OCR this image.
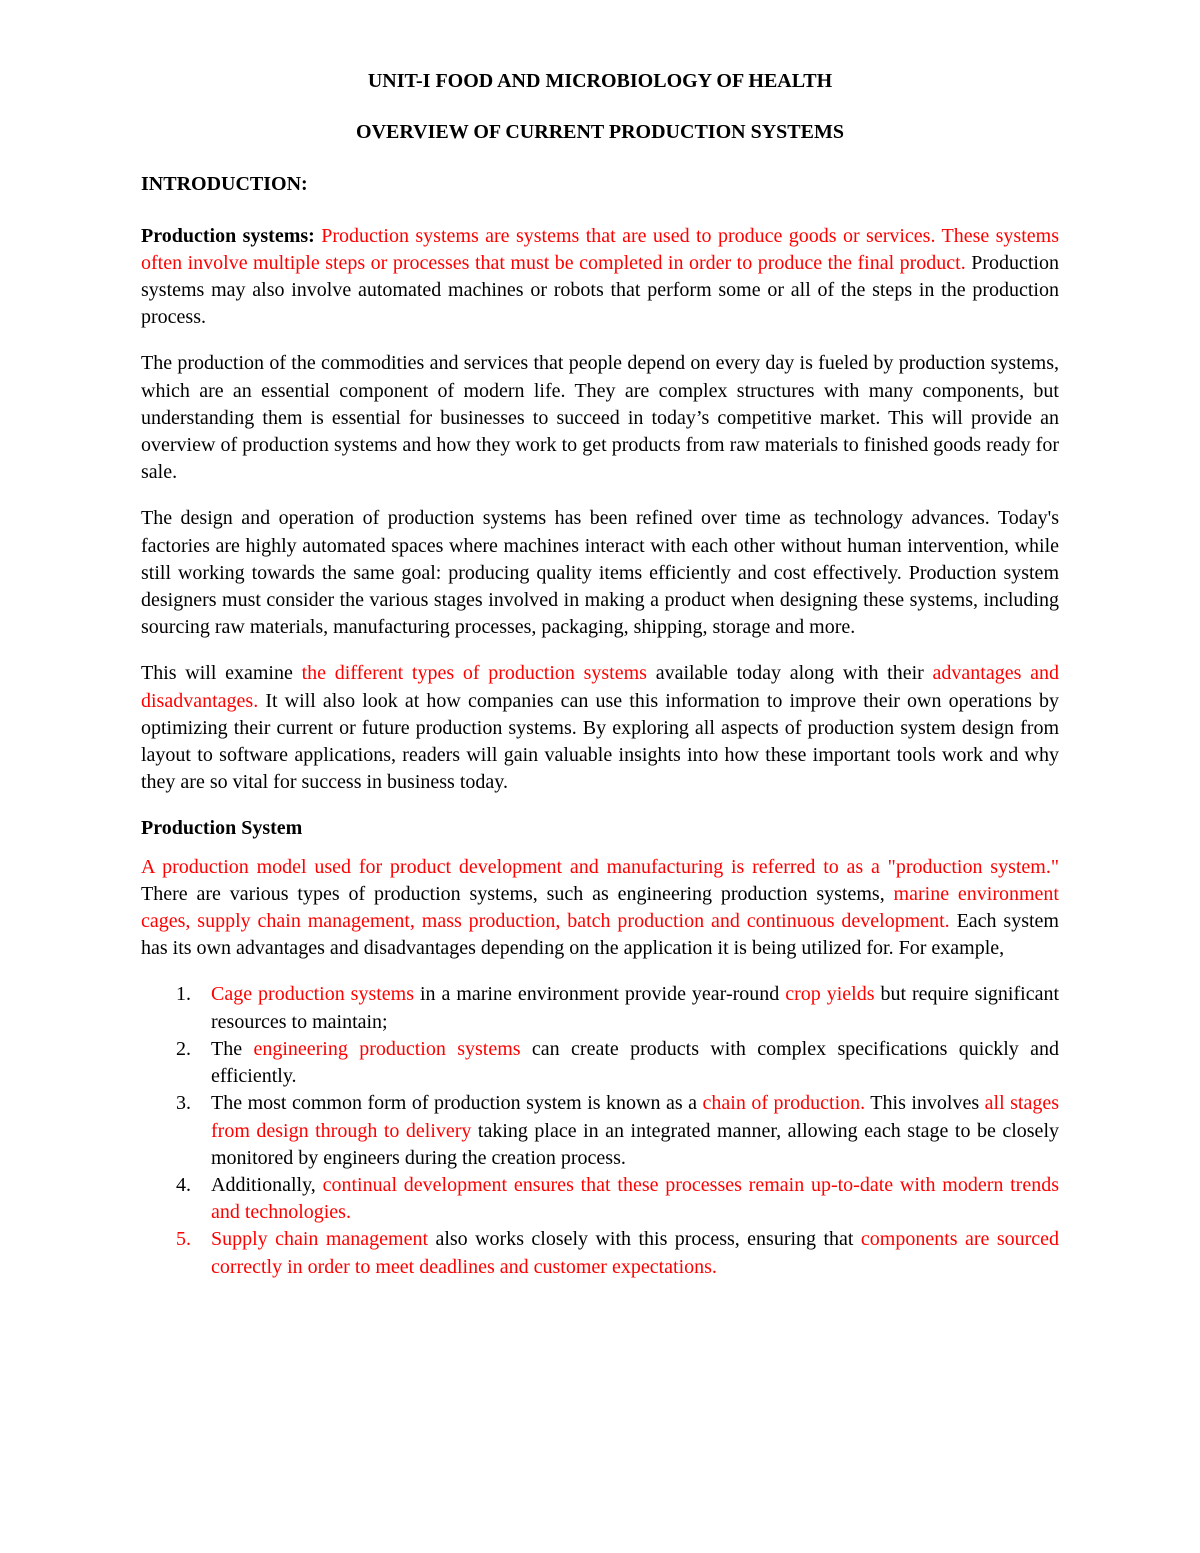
UNIT-I FOOD AND MICROBIOLOGY OF HEALTH
OVERVIEW OF CURRENT PRODUCTION SYSTEMS
INTRODUCTION:

Production systems: Production systems are systems that are used to produce goods or services. These systems often involve multiple steps or processes that must be completed in order to produce the final product. Production systems may also involve automated machines or robots that perform some or all of the steps in the production process.

The production of the commodities and services that people depend on every day is fueled by production systems, which are an essential component of modern life. They are complex structures with many components, but understanding them is essential for businesses to succeed in today’s competitive market. This will provide an overview of production systems and how they work to get products from raw materials to finished goods ready for sale.

The design and operation of production systems has been refined over time as technology advances. Today's factories are highly automated spaces where machines interact with each other without human intervention, while still working towards the same goal: producing quality items efficiently and cost effectively. Production system designers must consider the various stages involved in making a product when designing these systems, including sourcing raw materials, manufacturing processes, packaging, shipping, storage and more.

This will examine the different types of production systems available today along with their advantages and disadvantages. It will also look at how companies can use this information to improve their own operations by optimizing their current or future production systems. By exploring all aspects of production system design from layout to software applications, readers will gain valuable insights into how these important tools work and why they are so vital for success in business today.

Production System

A production model used for product development and manufacturing is referred to as a "production system." There are various types of production systems, such as engineering production systems, marine environment cages, supply chain management, mass production, batch production and continuous development. Each system has its own advantages and disadvantages depending on the application it is being utilized for. For example,

1. Cage production systems in a marine environment provide year-round crop yields but require significant resources to maintain;
2. The engineering production systems can create products with complex specifications quickly and efficiently.
3. The most common form of production system is known as a chain of production. This involves all stages from design through to delivery taking place in an integrated manner, allowing each stage to be closely monitored by engineers during the creation process.
4. Additionally, continual development ensures that these processes remain up-to-date with modern trends and technologies.
5. Supply chain management also works closely with this process, ensuring that components are sourced correctly in order to meet deadlines and customer expectations.
